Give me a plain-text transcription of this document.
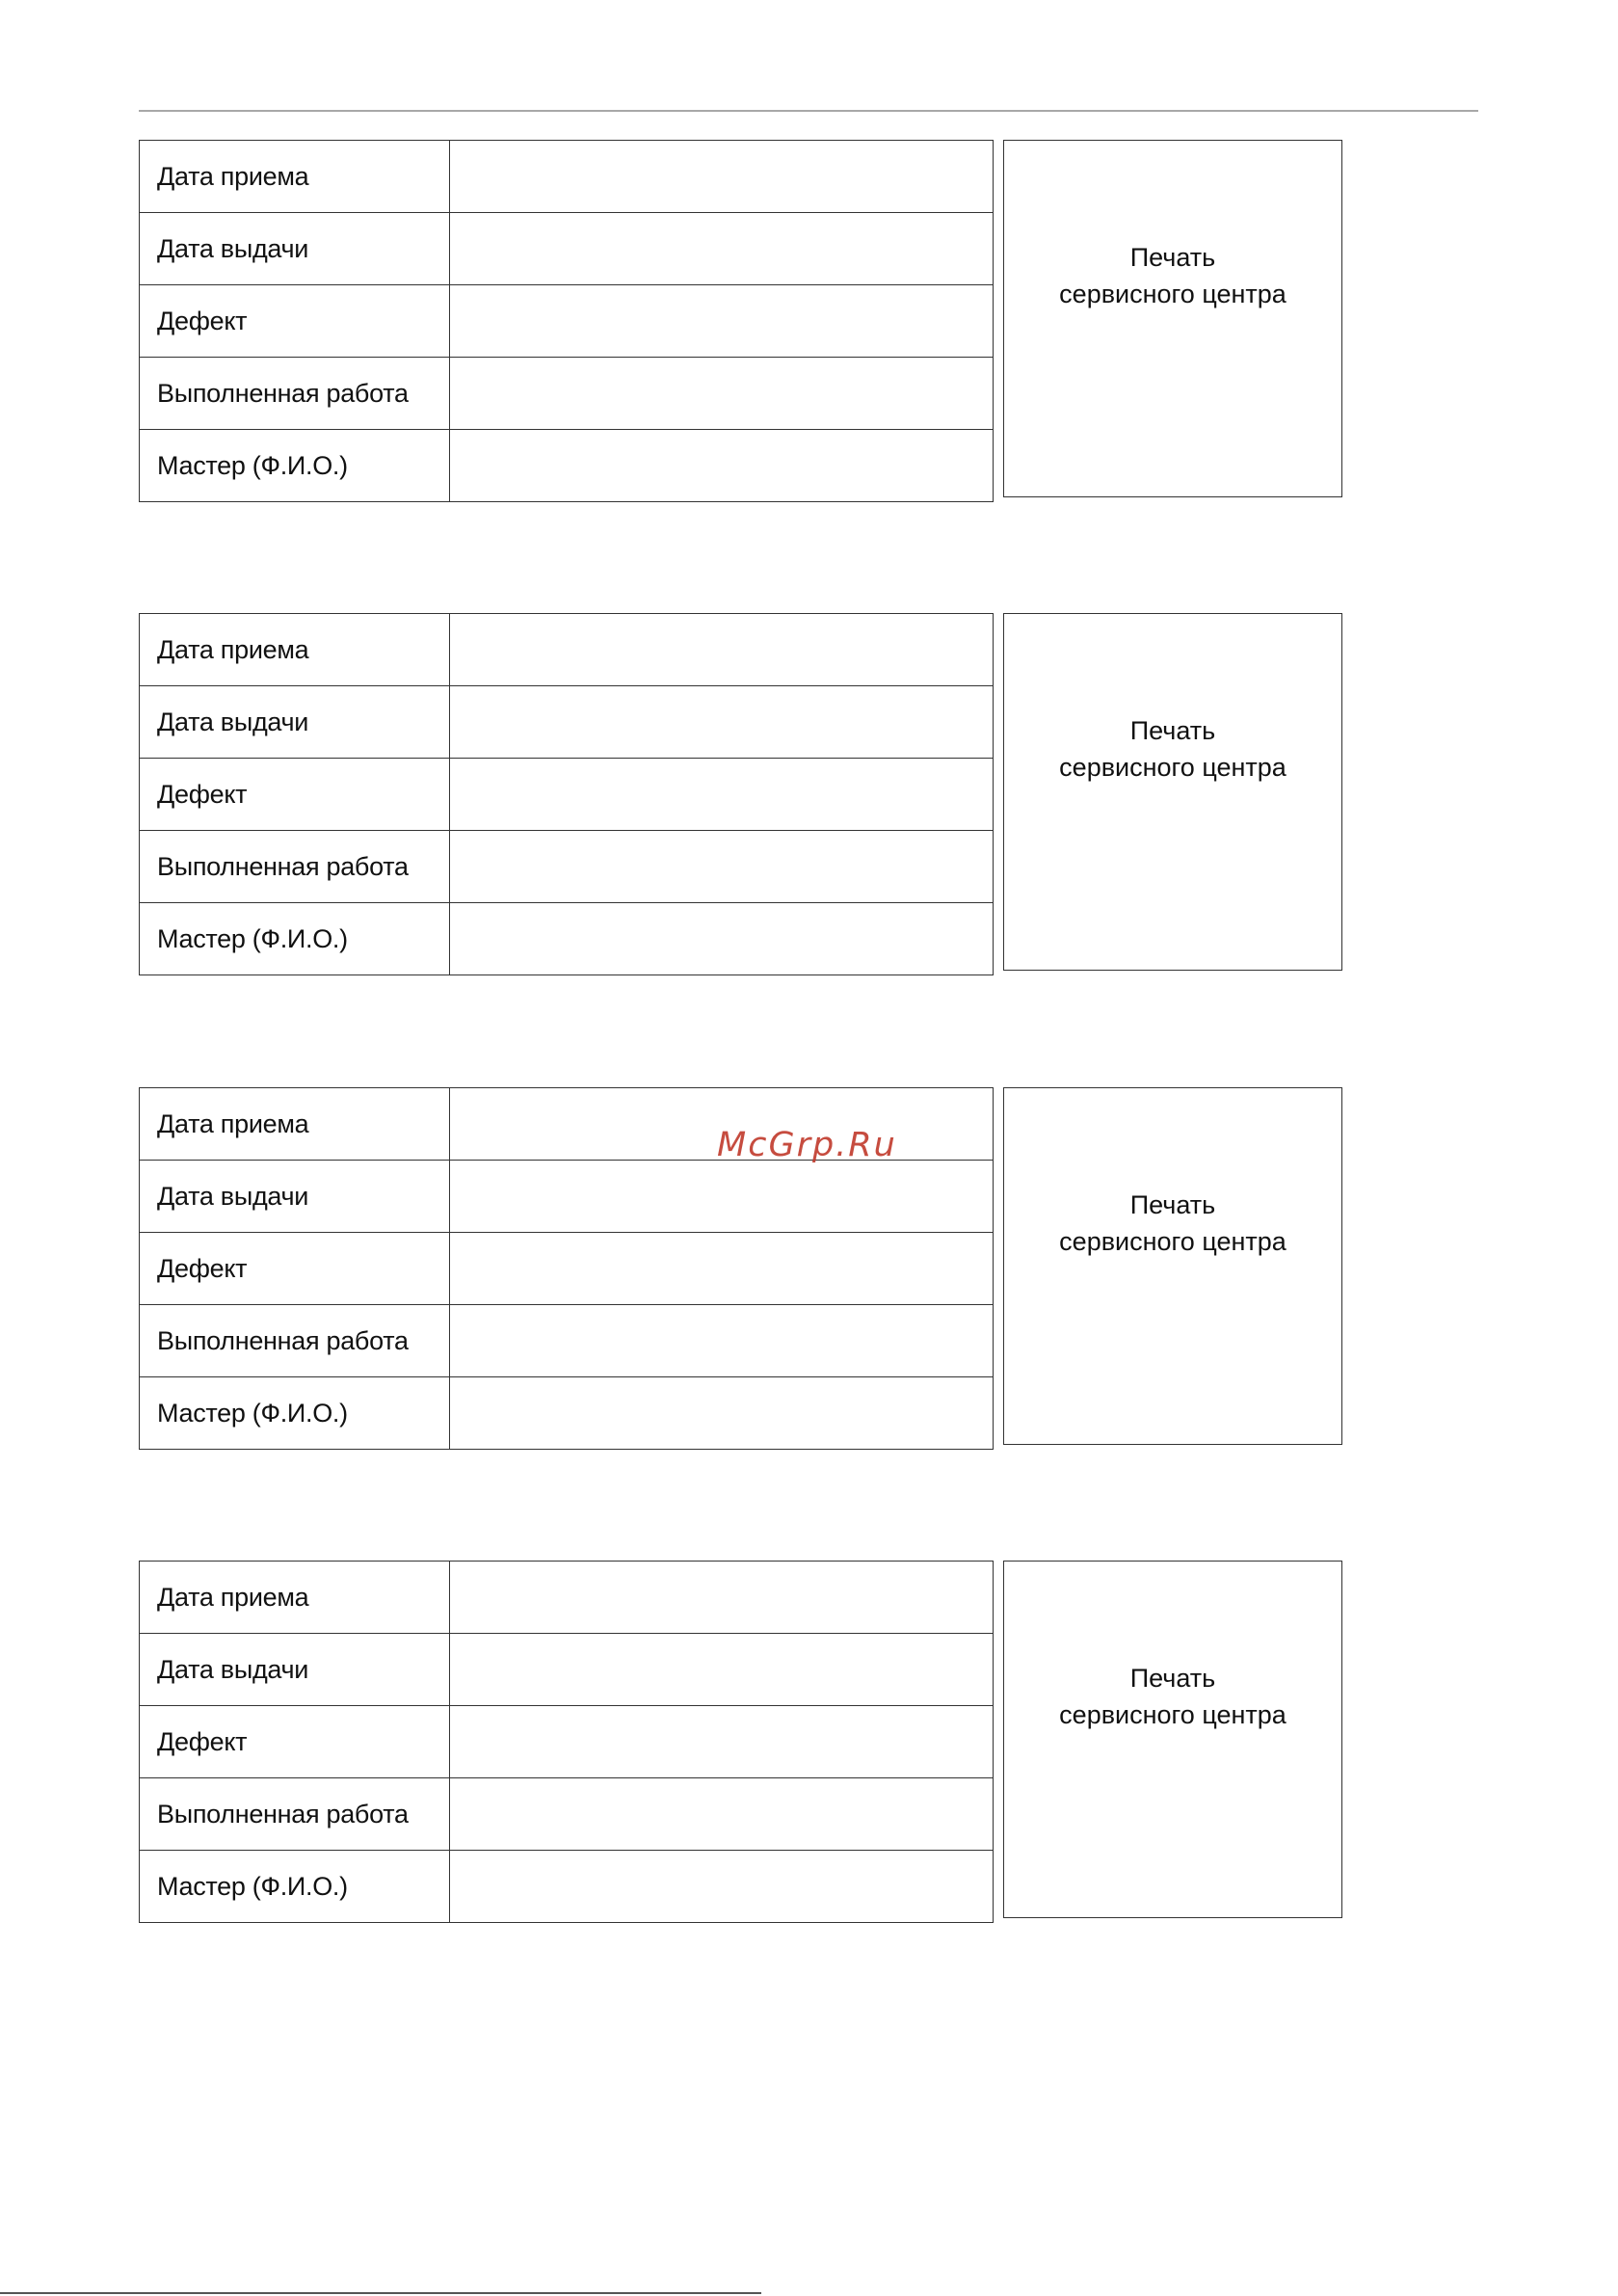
Дата приема	
Дата выдачи	
Дефект	
Выполненная работа	
Мастер (Ф.И.О.)	
Печать
сервисного центра
Дата приема	
Дата выдачи	
Дефект	
Выполненная работа	
Мастер (Ф.И.О.)	
Печать
сервисного центра
Дата приема	
Дата выдачи	
Дефект	
Выполненная работа	
Мастер (Ф.И.О.)	
Печать
сервисного центра
Дата приема	
Дата выдачи	
Дефект	
Выполненная работа	
Мастер (Ф.И.О.)	
Печать
сервисного центра
McGrp.Ru
